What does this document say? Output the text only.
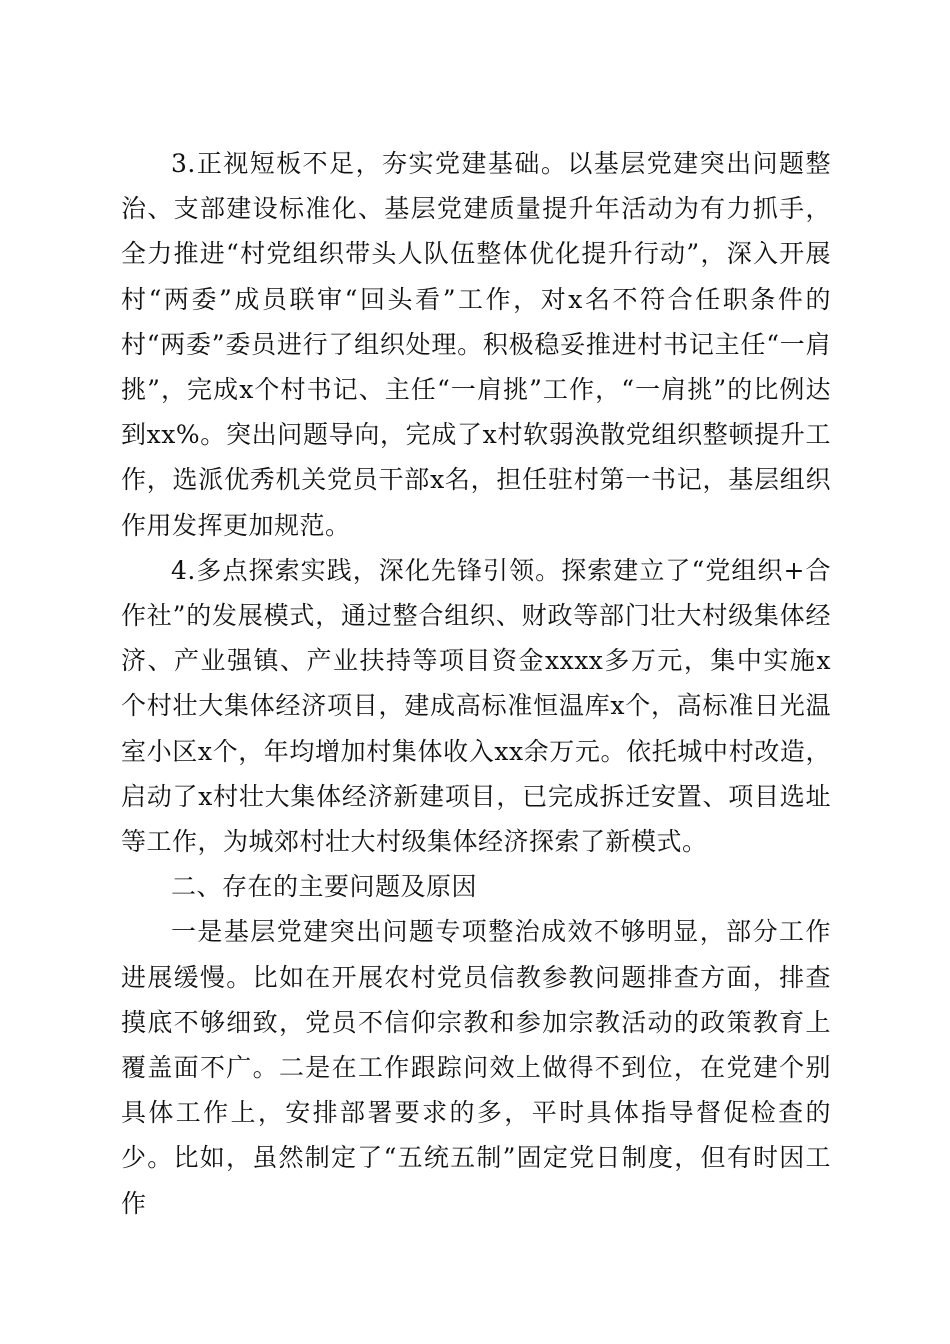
3.正视短板不足，夯实党建基础。以基层党建突出问题整治、支部建设标准化、基层党建质量提升年活动为有力抓手，全力推进“村党组织带头人队伍整体优化提升行动”，深入开展村“两委”成员联审“回头看”工作，对x名不符合任职条件的村“两委”委员进行了组织处理。积极稳妥推进村书记主任“一肩挑”，完成x个村书记、主任“一肩挑”工作，“一肩挑”的比例达到xx%。突出问题导向，完成了x村软弱涣散党组织整顿提升工作，选派优秀机关党员干部x名，担任驻村第一书记，基层组织作用发挥更加规范。

4.多点探索实践，深化先锋引领。探索建立了“党组织+合作社”的发展模式，通过整合组织、财政等部门壮大村级集体经济、产业强镇、产业扶持等项目资金xxxx多万元，集中实施x个村壮大集体经济项目，建成高标准恒温库x个，高标准日光温室小区x个，年均增加村集体收入xx余万元。依托城中村改造，启动了x村壮大集体经济新建项目，已完成拆迁安置、项目选址等工作，为城郊村壮大村级集体经济探索了新模式。

二、存在的主要问题及原因

一是基层党建突出问题专项整治成效不够明显，部分工作进展缓慢。比如在开展农村党员信教参教问题排查方面，排查摸底不够细致，党员不信仰宗教和参加宗教活动的政策教育上覆盖面不广。二是在工作跟踪问效上做得不到位，在党建个别具体工作上，安排部署要求的多，平时具体指导督促检查的少。比如，虽然制定了“五统五制”固定党日制度，但有时因工作
